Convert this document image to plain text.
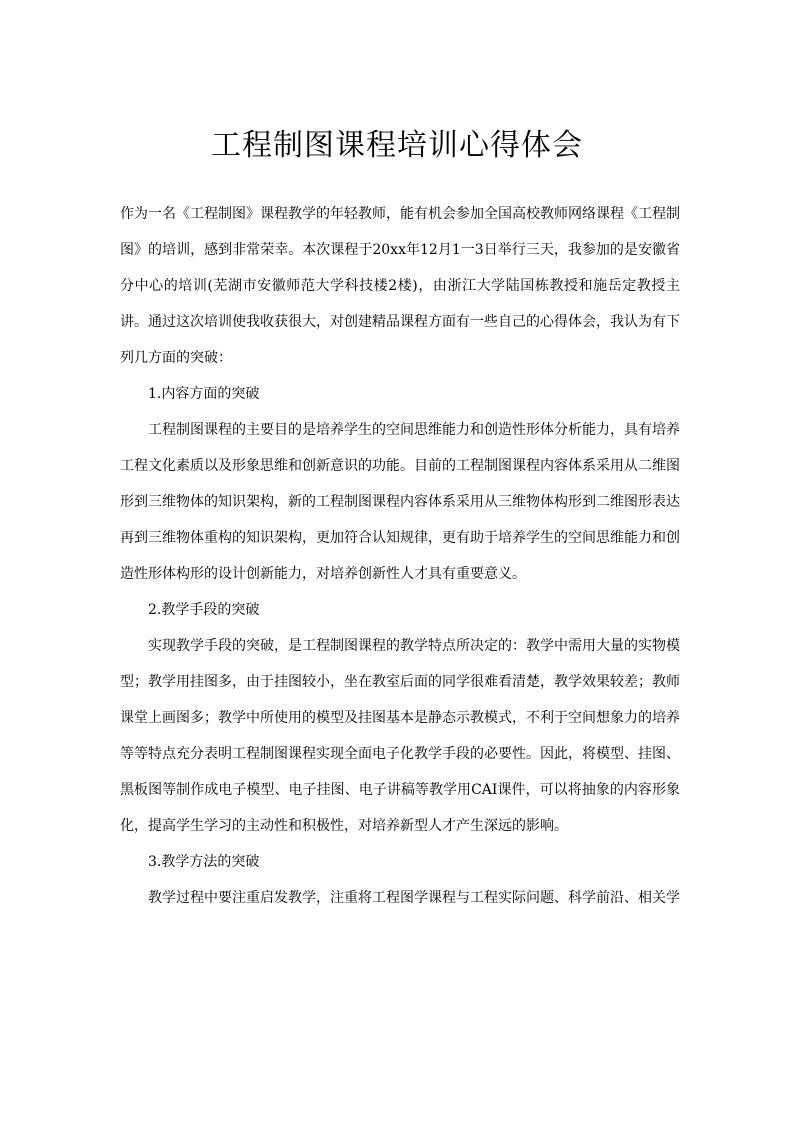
工程制图课程培训心得体会

作为一名《工程制图》课程教学的年轻教师，能有机会参加全国高校教师网络课程《工程制图》的培训，感到非常荣幸。本次课程于20xx年12月1一3日举行三天，我参加的是安徽省分中心的培训(芜湖市安徽师范大学科技楼2楼)，由浙江大学陆国栋教授和施岳定教授主讲。通过这次培训使我收获很大，对创建精品课程方面有一些自己的心得体会，我认为有下列几方面的突破：

1.内容方面的突破

工程制图课程的主要目的是培养学生的空间思维能力和创造性形体分析能力，具有培养工程文化素质以及形象思维和创新意识的功能。目前的工程制图课程内容体系采用从二维图形到三维物体的知识架构，新的工程制图课程内容体系采用从三维物体构形到二维图形表达再到三维物体重构的知识架构，更加符合认知规律，更有助于培养学生的空间思维能力和创造性形体构形的设计创新能力，对培养创新性人才具有重要意义。

2.教学手段的突破

实现教学手段的突破，是工程制图课程的教学特点所决定的：教学中需用大量的实物模型；教学用挂图多，由于挂图较小，坐在教室后面的同学很难看清楚，教学效果较差；教师课堂上画图多；教学中所使用的模型及挂图基本是静态示教模式，不利于空间想象力的培养等等特点充分表明工程制图课程实现全面电子化教学手段的必要性。因此，将模型、挂图、黑板图等制作成电子模型、电子挂图、电子讲稿等教学用CAI课件，可以将抽象的内容形象化，提高学生学习的主动性和积极性，对培养新型人才产生深远的影响。

3.教学方法的突破

教学过程中要注重启发教学，注重将工程图学课程与工程实际问题、科学前沿、相关学
